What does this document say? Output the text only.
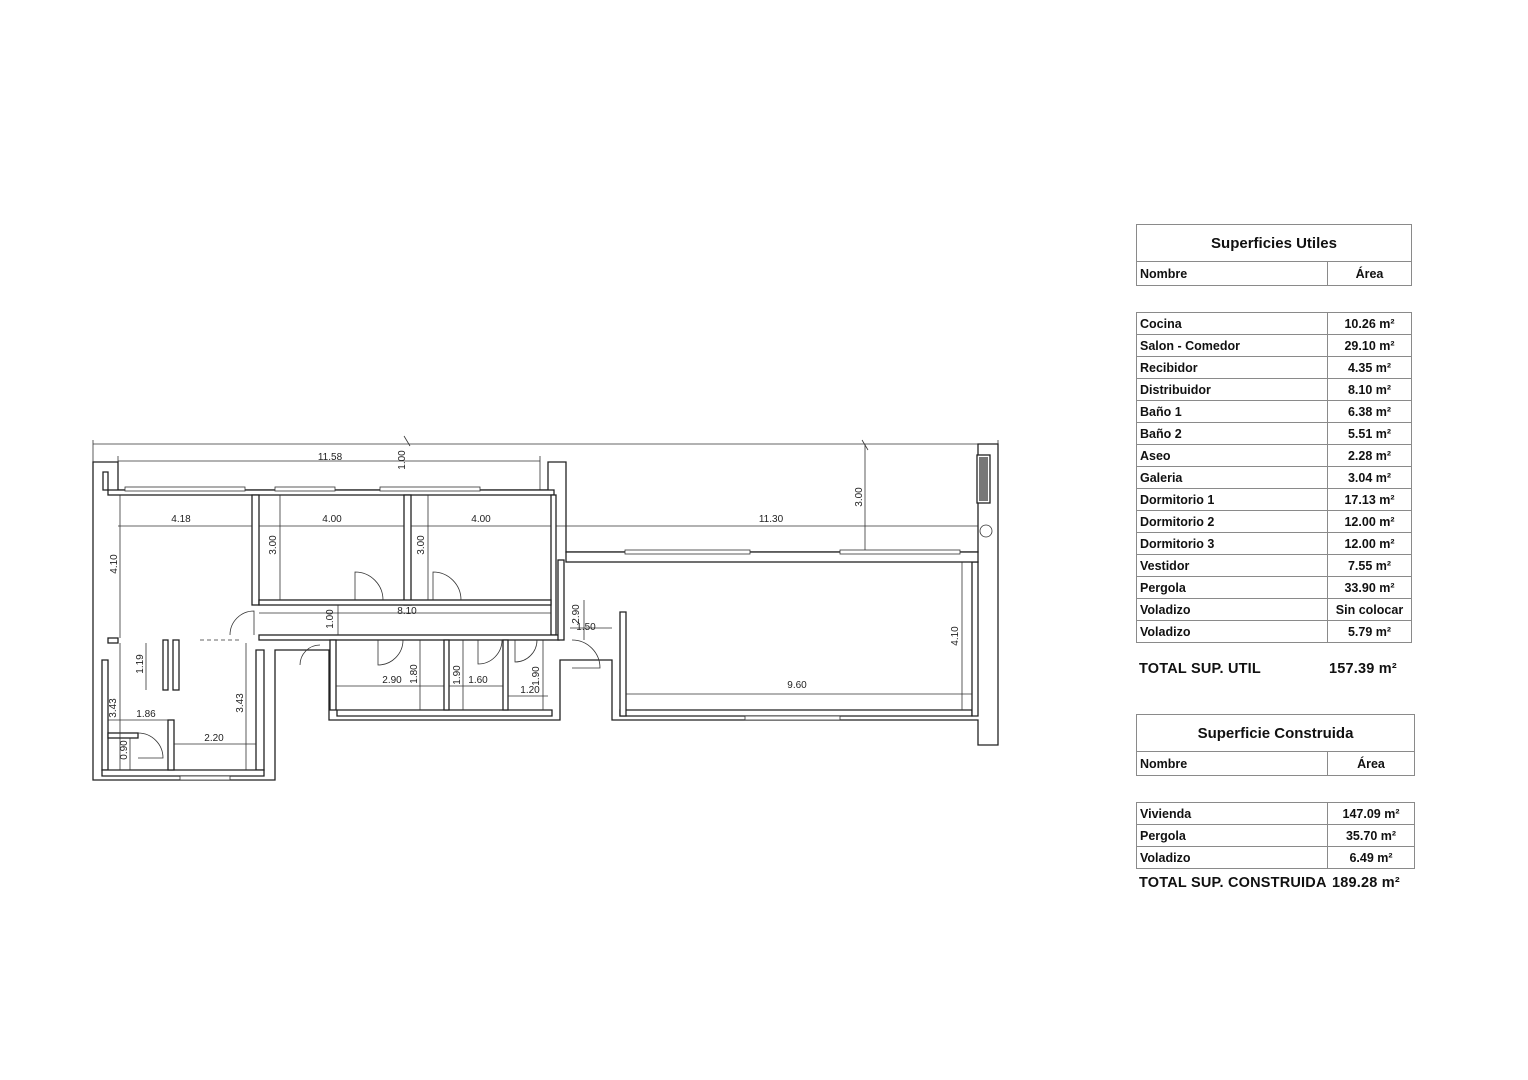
11.58	1.00
3.00
4.18	4.00	4.00	11.30
4.10
3.00	3.00
8.10
1.00	2.90
1.50	4.10
1.19
3.43	3.43
1.86
0.90
2.20
2.90 1.80	1.90 1.60	1.90
1.20	9.60
Superficies Utiles
Nombre	Área
Cocina	10.26 m²
Salon - Comedor	29.10 m²
Recibidor	4.35 m²
Distribuidor	8.10 m²
Baño 1	6.38 m²
Baño 2	5.51 m²
Aseo	2.28 m²
Galeria	3.04 m²
Dormitorio 1	17.13 m²
Dormitorio 2	12.00 m²
Dormitorio 3	12.00 m²
Vestidor	7.55 m²
Pergola	33.90 m²
Voladizo	Sin colocar
Voladizo	5.79 m²
TOTAL SUP. UTIL	157.39 m²
Superficie Construida
Nombre	Área
Vivienda	147.09 m²
Pergola	35.70 m²
Voladizo	6.49 m²
TOTAL SUP. CONSTRUIDA 189.28 m²
